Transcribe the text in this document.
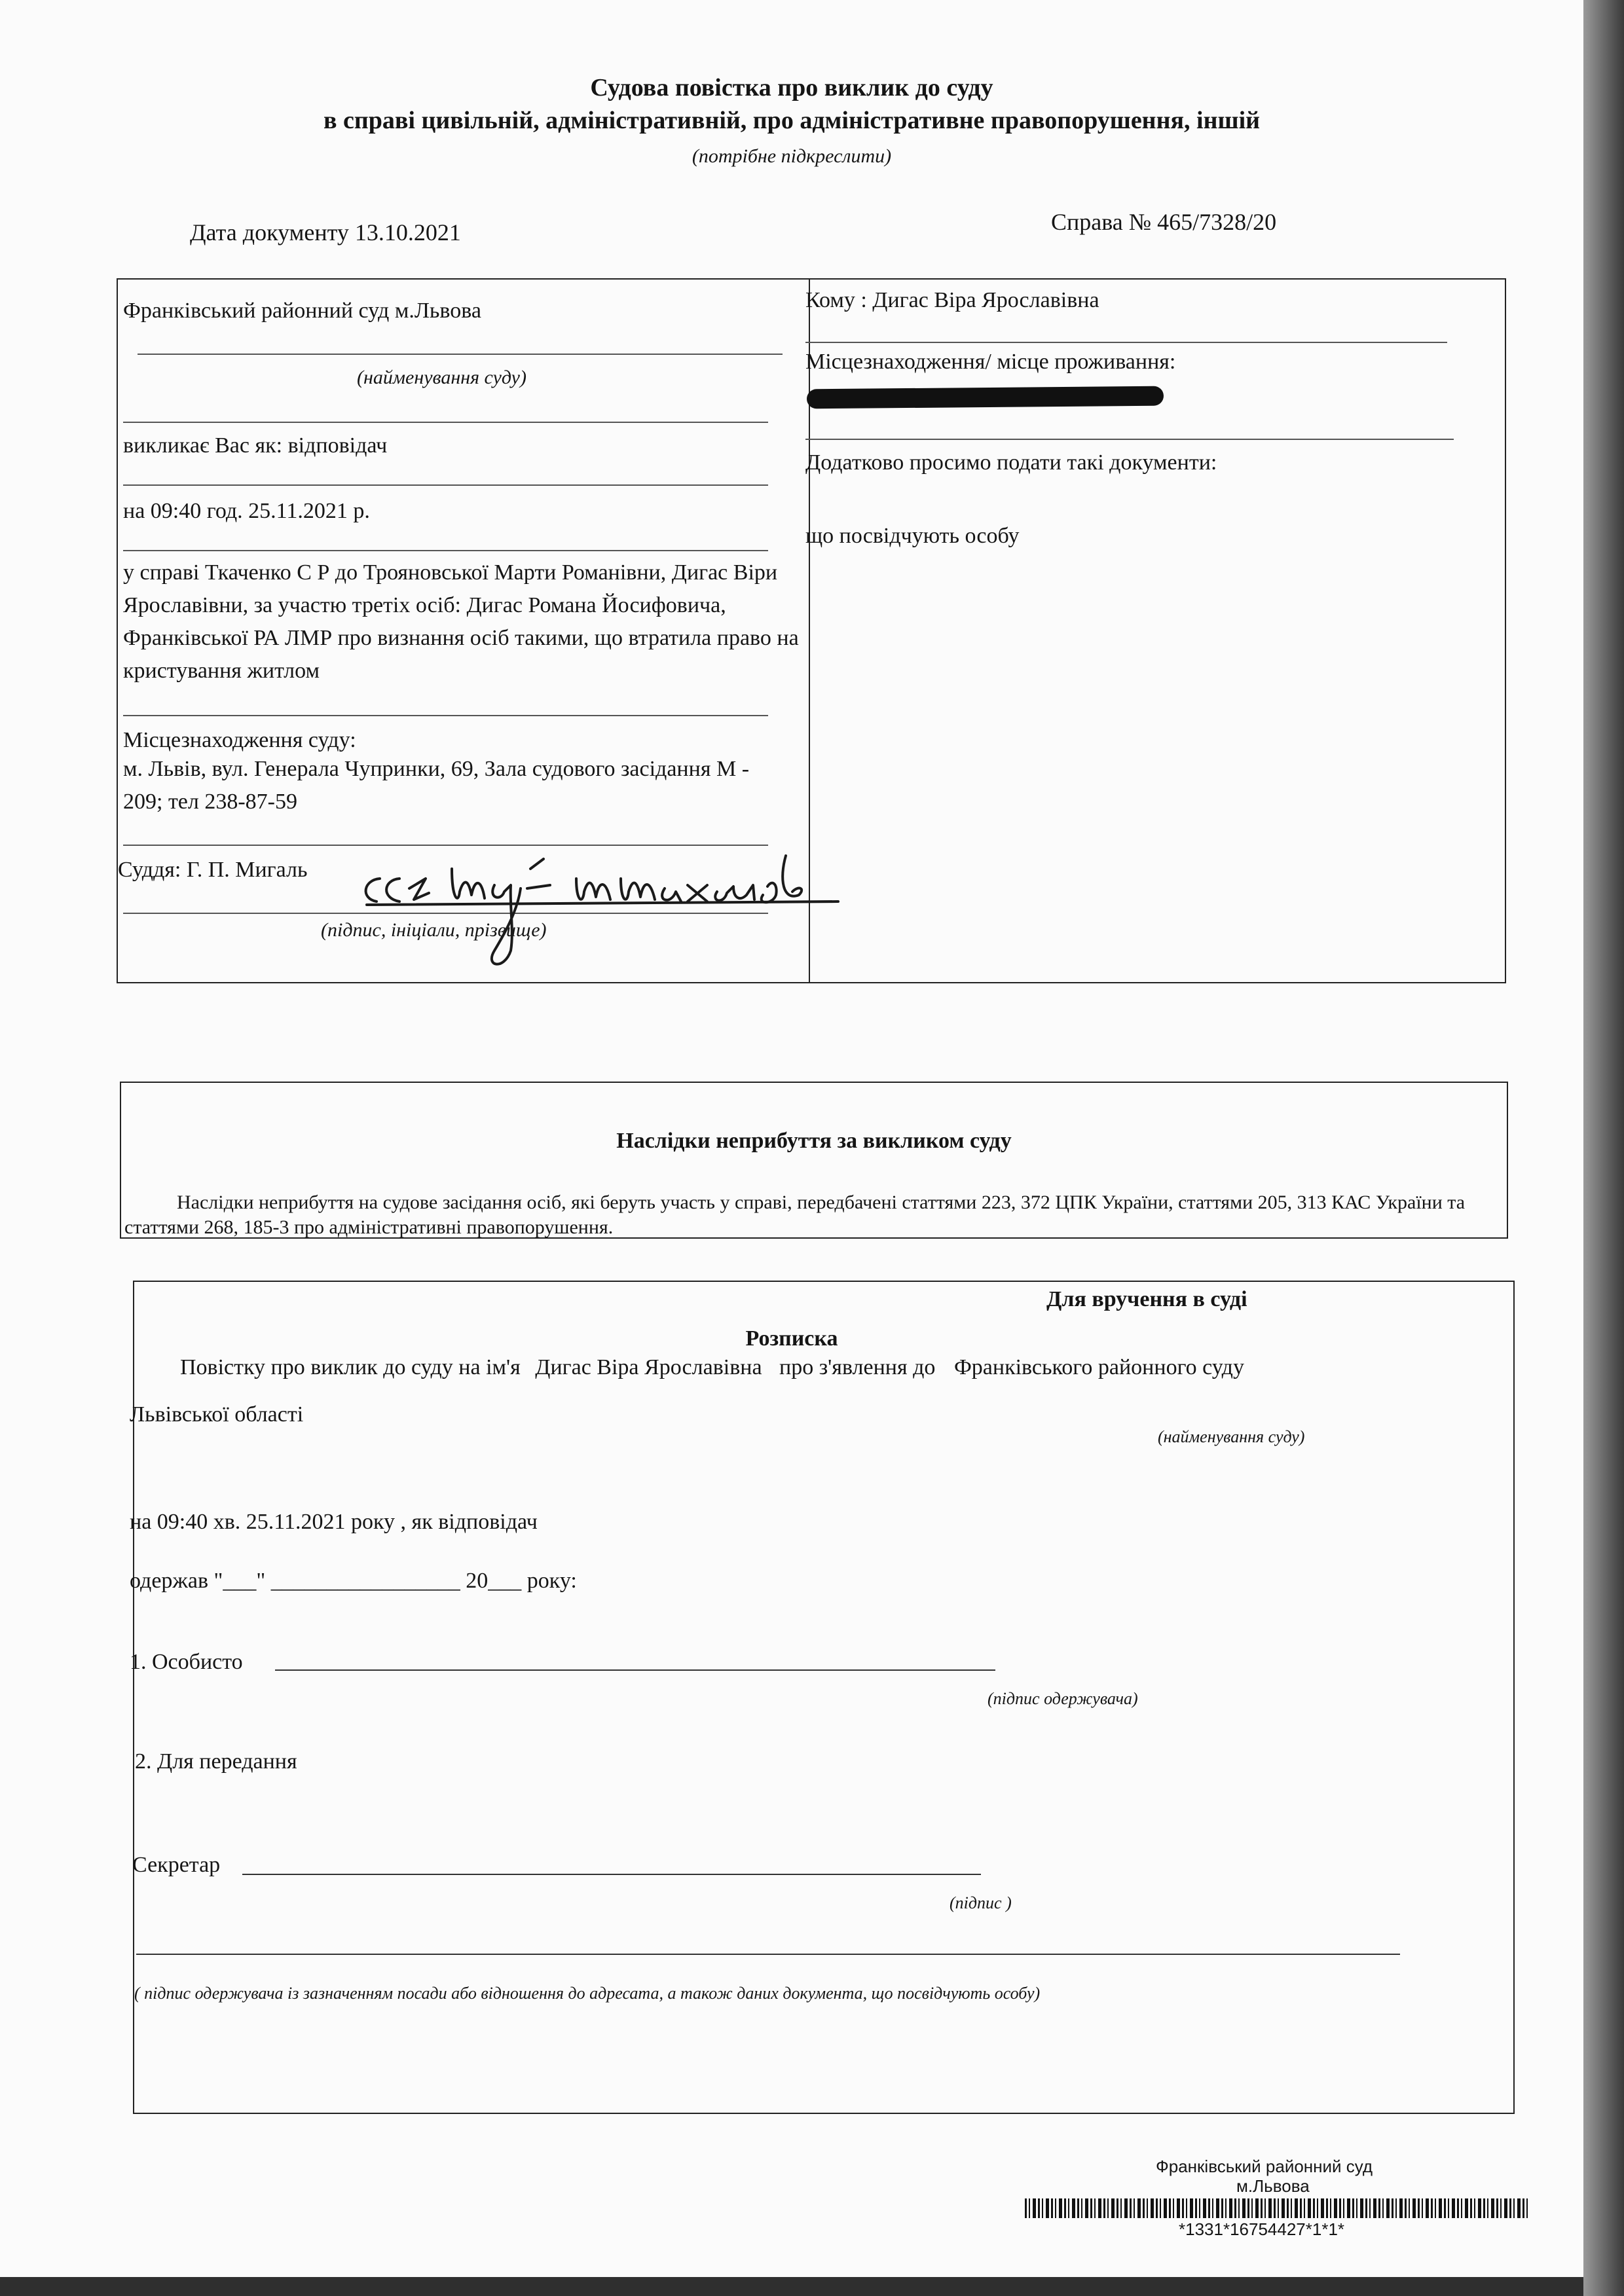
Судова повістка про виклик до суду
в справі цивільній, адміністративній, про адміністративне правопорушення, іншій
(потрібне підкреслити)
Дата документу 13.10.2021	Справа № 465/7328/20
Франківський районний суд м.Львова
(найменування суду)
викликає Вас як: відповідач
на 09:40 год. 25.11.2021 р.
у справі Ткаченко С Р до Трояновської Марти Романівни, Дигас Віри Ярославівни, за участю третіх осіб: Дигас Романа Йосифовича, Франківської РА ЛМР про визнання осіб такими, що втратила право на кристування житлом
Місцезнаходження суду:
м. Львів, вул. Генерала Чупринки, 69, Зала судового засідання М - 209; тел 238-87-59
Суддя: Г. П. Мигаль
(підпис, ініціали, прізвище)
Кому : Дигас Віра Ярославівна
Місцезнаходження/ місце проживання:
Додатково просимо подати такі документи:
що посвідчують особу
Наслідки неприбуття за викликом суду
Наслідки неприбуття на судове засідання осіб, які беруть участь у справі, передбачені статтями 223, 372 ЦПК України, статтями 205, 313 КАС України та статтями 268, 185-3 про адміністративні правопорушення.
Для вручення в суді
Розписка
Повістку про виклик до суду на ім'я Дигас Віра Ярославівна про з'явлення до Франківського районного суду
Львівської області
(найменування суду)
на 09:40 хв. 25.11.2021 року , як відповідач
одержав "___" _________________ 20___ року:
1. Особисто
(підпис одержувача)
2. Для передання
Секретар
(підпис )
( підпис одержувача із зазначенням посади або відношення до адресата, а також даних документа, що посвідчують особу)
Франківський районний суд
м.Львова
*1331*16754427*1*1*
